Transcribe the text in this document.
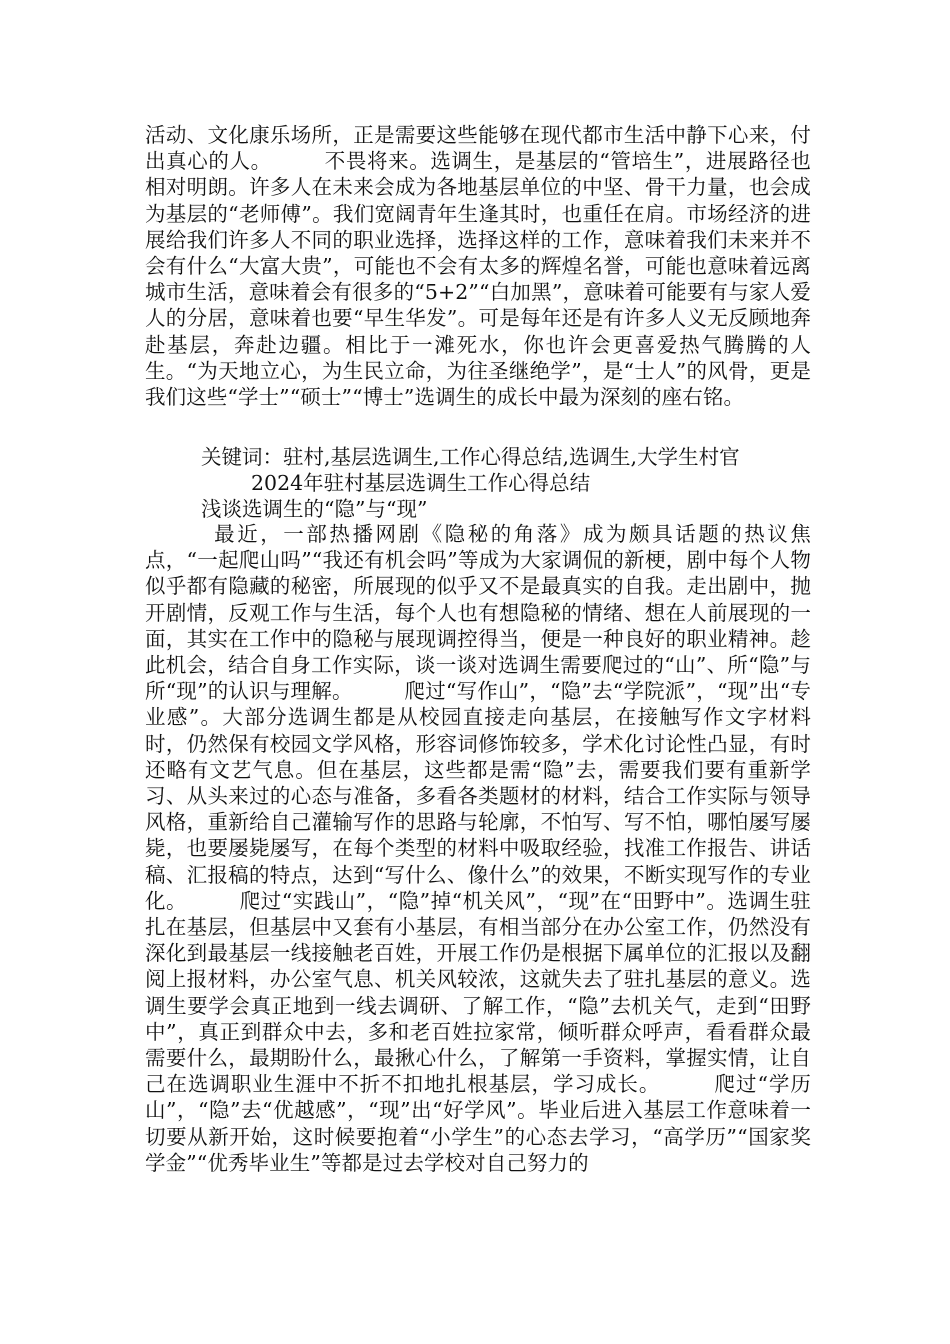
活动、文化康乐场所，正是需要这些能够在现代都市生活中静下心来，付出真心的人。　　　不畏将来。选调生，是基层的“管培生”，进展路径也相对明朗。许多人在未来会成为各地基层单位的中坚、骨干力量，也会成为基层的“老师傅”。我们宽阔青年生逢其时，也重任在肩。市场经济的进展给我们许多人不同的职业选择，选择这样的工作，意味着我们未来并不会有什么“大富大贵”，可能也不会有太多的辉煌名誉，可能也意味着远离城市生活，意味着会有很多的“5+2”“白加黑”，意味着可能要有与家人爱人的分居，意味着也要“早生华发”。可是每年还是有许多人义无反顾地奔赴基层，奔赴边疆。相比于一滩死水，你也许会更喜爱热气腾腾的人生。“为天地立心，为生民立命，为往圣继绝学”，是“士人”的风骨，更是我们这些“学士”“硕士”“博士”选调生的成长中最为深刻的座右铭。
关键词：驻村,基层选调生,工作心得总结,选调生,大学生村官
2024年驻村基层选调生工作心得总结
浅谈选调生的“隐”与“现”
　　　最近，一部热播网剧《隐秘的角落》成为颇具话题的热议焦点，“一起爬山吗”“我还有机会吗”等成为大家调侃的新梗，剧中每个人物似乎都有隐藏的秘密，所展现的似乎又不是最真实的自我。走出剧中，抛开剧情，反观工作与生活，每个人也有想隐秘的情绪、想在人前展现的一面，其实在工作中的隐秘与展现调控得当，便是一种良好的职业精神。趁此机会，结合自身工作实际，谈一谈对选调生需要爬过的“山”、所“隐”与所“现”的认识与理解。　　　爬过“写作山”，“隐”去“学院派”，“现”出“专业感”。大部分选调生都是从校园直接走向基层，在接触写作文字材料时，仍然保有校园文学风格，形容词修饰较多，学术化讨论性凸显，有时还略有文艺气息。但在基层，这些都是需“隐”去，需要我们要有重新学习、从头来过的心态与准备，多看各类题材的材料，结合工作实际与领导风格，重新给自己灌输写作的思路与轮廓，不怕写、写不怕，哪怕屡写屡毙，也要屡毙屡写，在每个类型的材料中吸取经验，找准工作报告、讲话稿、汇报稿的特点，达到“写什么、像什么”的效果，不断实现写作的专业化。　　　爬过“实践山”，“隐”掉“机关风”，“现”在“田野中”。选调生驻扎在基层，但基层中又套有小基层，有相当部分在办公室工作，仍然没有深化到最基层一线接触老百姓，开展工作仍是根据下属单位的汇报以及翻阅上报材料，办公室气息、机关风较浓，这就失去了驻扎基层的意义。选调生要学会真正地到一线去调研、了解工作，“隐”去机关气，走到“田野中”，真正到群众中去，多和老百姓拉家常，倾听群众呼声，看看群众最需要什么，最期盼什么，最揪心什么，了解第一手资料，掌握实情，让自己在选调职业生涯中不折不扣地扎根基层，学习成长。　　　爬过“学历山”，“隐”去“优越感”，“现”出“好学风”。毕业后进入基层工作意味着一切要从新开始，这时候要抱着“小学生”的心态去学习，“高学历”“国家奖学金”“优秀毕业生”等都是过去学校对自己努力的
